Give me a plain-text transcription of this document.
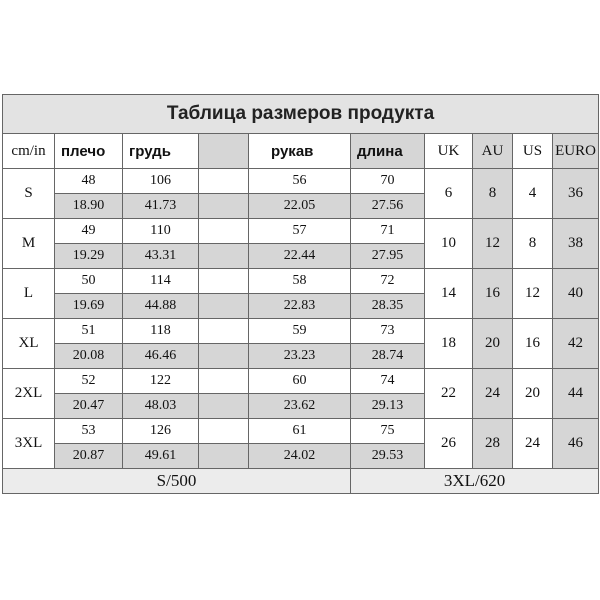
Таблица размеров продукта									
cm/in	плечо	грудь		рукав	длина	UK	AU	US	EURO
S	48	106		56	70	6	8	4	36
	18.90	41.73		22.05	27.56				
M	49	110		57	71	10	12	8	38
	19.29	43.31		22.44	27.95				
L	50	114		58	72	14	16	12	40
	19.69	44.88		22.83	28.35				
XL	51	118		59	73	18	20	16	42
	20.08	46.46		23.23	28.74				
2XL	52	122		60	74	22	24	20	44
	20.47	48.03		23.62	29.13				
3XL	53	126		61	75	26	28	24	46
	20.87	49.61		24.02	29.53				
S/500					3XL/620				
